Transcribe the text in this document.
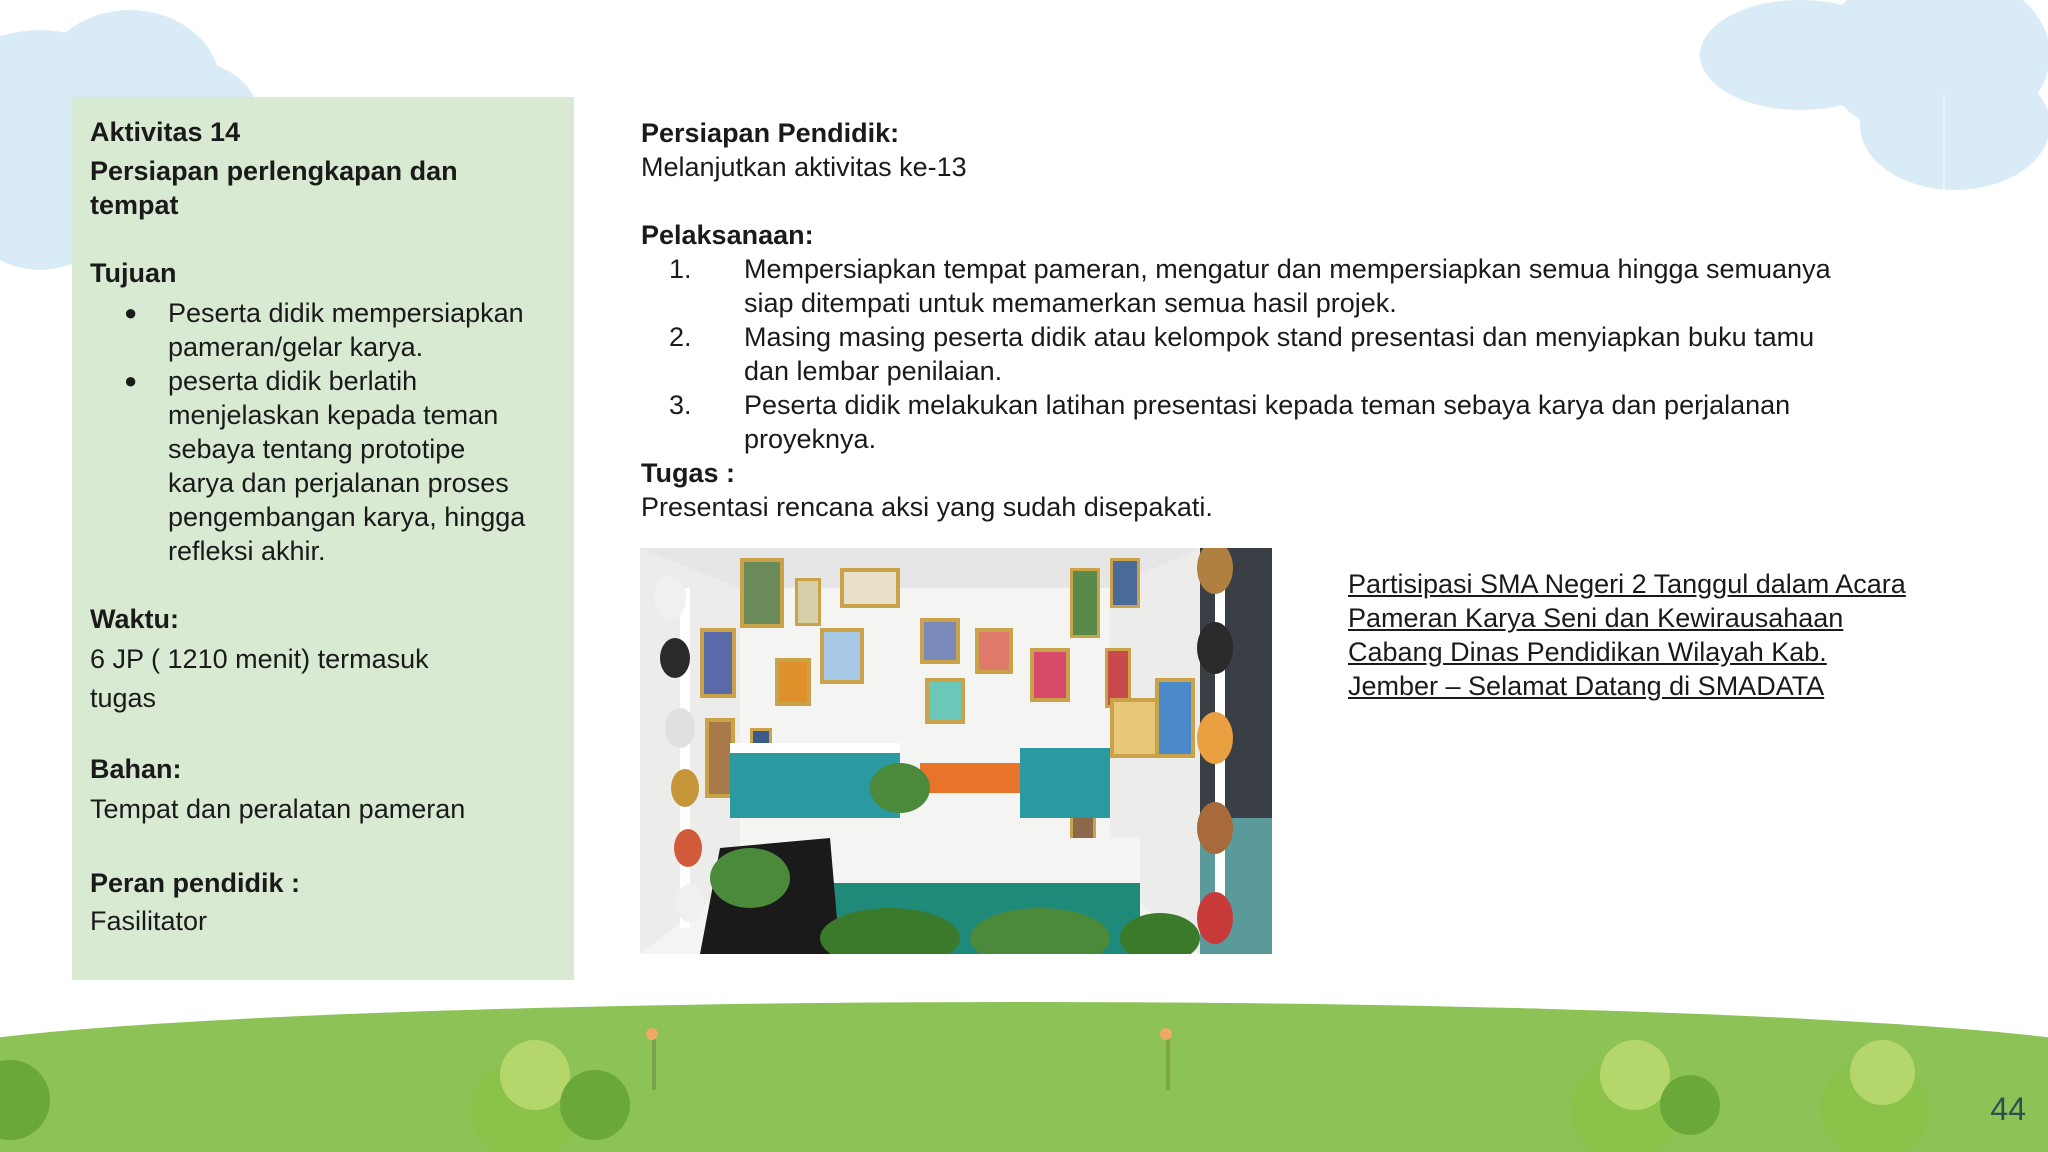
Aktivitas 14
Persiapan perlengkapan dan
tempat
Tujuan
● Peserta didik mempersiapkan
pameran/gelar karya.
● peserta didik berlatih
menjelaskan kepada teman
sebaya tentang prototipe
karya dan perjalanan proses
pengembangan karya, hingga
refleksi akhir.
Waktu:
6 JP ( 1210 menit) termasuk
tugas
Bahan:
Tempat dan peralatan pameran
Peran pendidik :
Fasilitator
Persiapan Pendidik:
Melanjutkan aktivitas ke-13
Pelaksanaan:
1. Mempersiapkan tempat pameran, mengatur dan mempersiapkan semua hingga semuanya
siap ditempati untuk memamerkan semua hasil projek.
2. Masing masing peserta didik atau kelompok stand presentasi dan menyiapkan buku tamu
dan lembar penilaian.
3. Peserta didik melakukan latihan presentasi kepada teman sebaya karya dan perjalanan
proyeknya.
Tugas :
Presentasi rencana aksi yang sudah disepakati.
Partisipasi SMA Negeri 2 Tanggul dalam Acara
Pameran Karya Seni dan Kewirausahaan
Cabang Dinas Pendidikan Wilayah Kab.
Jember – Selamat Datang di SMADATA
44
